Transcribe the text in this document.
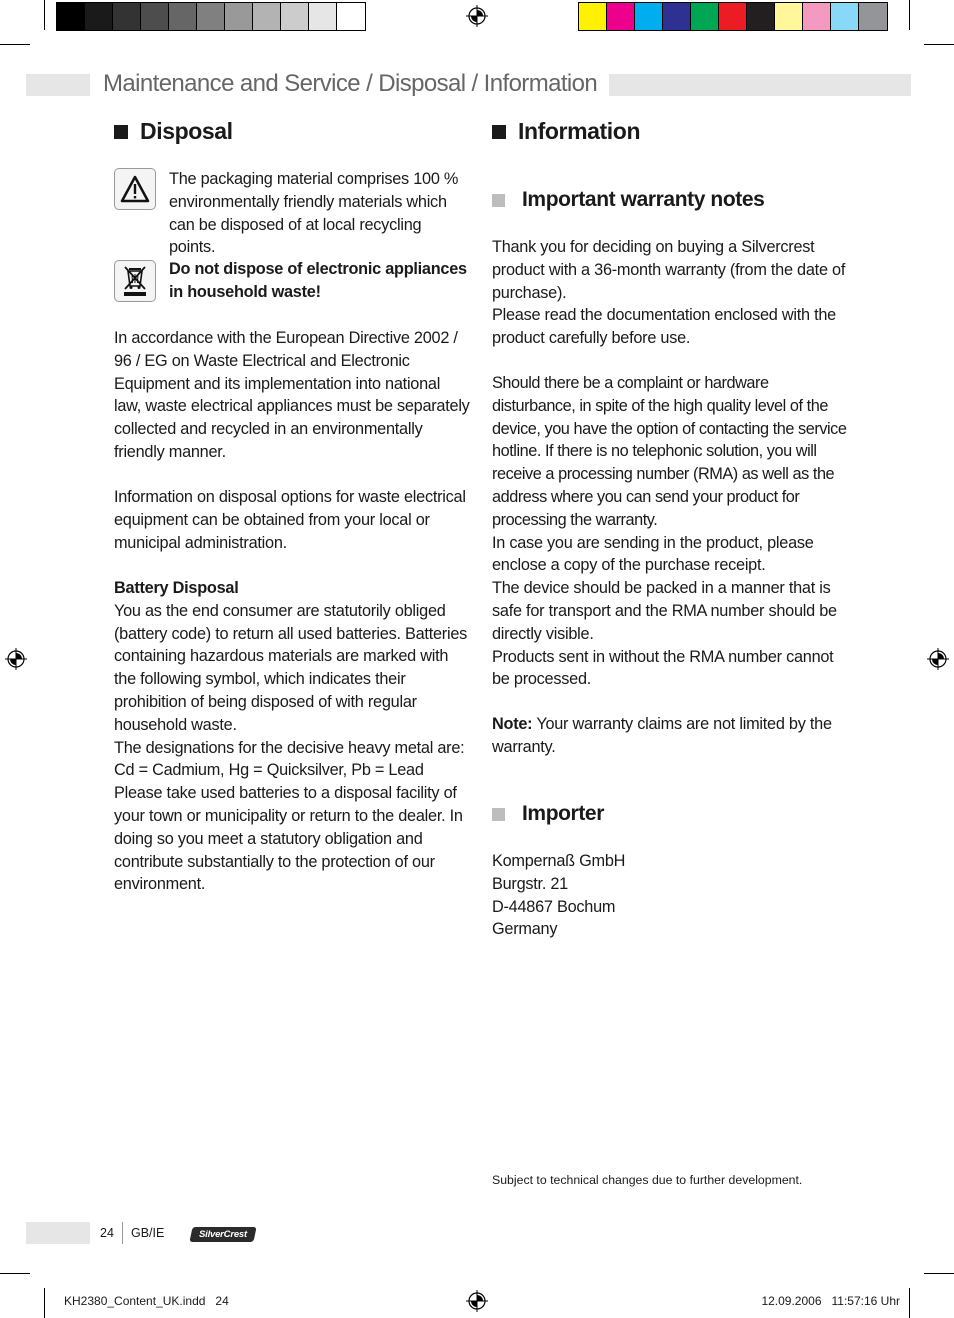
Maintenance and Service / Disposal / Information
Disposal
The packaging material comprises 100 % environmentally friendly materials which can be disposed of at local recycling points.
Do not dispose of electronic appliances in household waste!
In accordance with the European Directive 2002 / 96 / EG on Waste Electrical and Electronic Equipment and its implementation into national law, waste electrical appliances must be separately collected and recycled in an environmentally friendly manner.
Information on disposal options for waste electrical equipment can be obtained from your local or municipal administration.

Battery Disposal

You as the end consumer are statutorily obliged (battery code) to return all used batteries. Batteries containing hazardous materials are marked with the following symbol, which indicates their prohibition of being disposed of with regular household waste.

The designations for the decisive heavy metal are:

Cd = Cadmium, Hg = Quicksilver, Pb = Lead

Please take used batteries to a disposal facility of your town or municipality or return to the dealer. In doing so you meet a statutory obligation and contribute substantially to the protection of our environment.

Information
Important warranty notes

Thank you for deciding on buying a Silvercrest product with a 36-month warranty (from the date of purchase).

Please read the documentation enclosed with the product carefully before use.

Should there be a complaint or hardware disturbance, in spite of the high quality level of the device, you have the option of contacting the service hotline. If there is no telephonic solution, you will receive a processing number (RMA) as well as the address where you can send your product for processing the warranty.

In case you are sending in the product, please enclose a copy of the purchase receipt.

The device should be packed in a manner that is safe for transport and the RMA number should be directly visible.

Products sent in without the RMA number cannot be processed.

Note: Your warranty claims are not limited by the warranty.
Importer

Kompernaß GmbH

Burgstr. 21

D-44867 Bochum

Germany

Subject to technical changes due to further development.
24 GB/IE	SilverCrest
KH2380_Content_UK.indd   24	12.09.2006   11:57:16 Uhr
